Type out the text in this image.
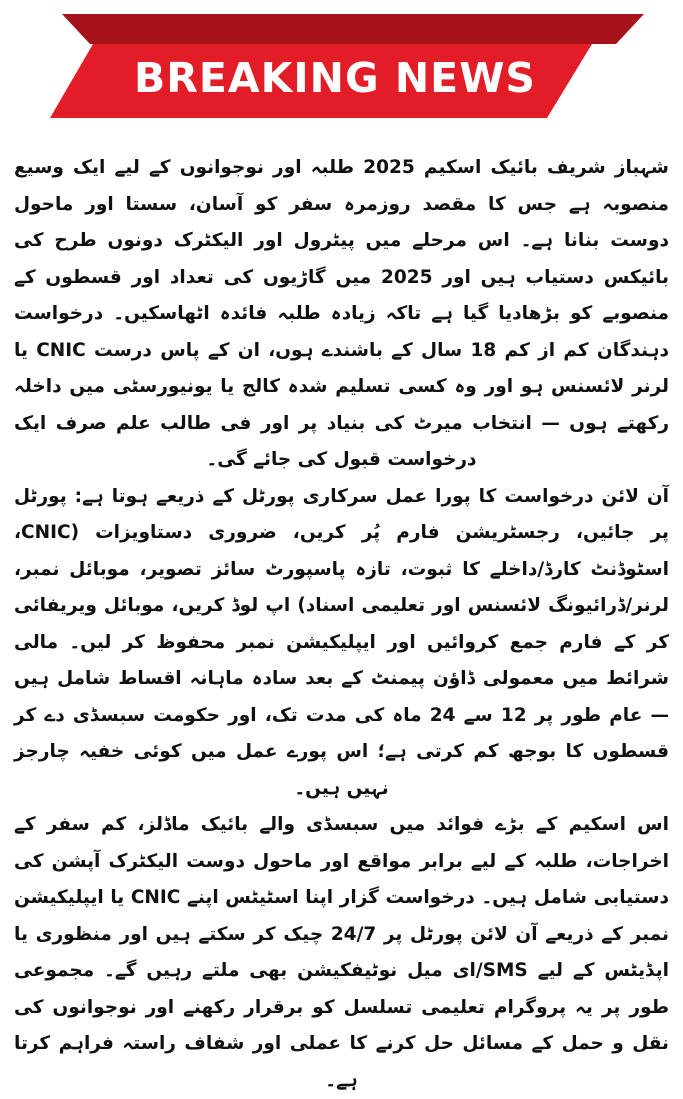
BREAKING NEWS

شہباز شریف بائیک اسکیم 2025 طلبہ اور نوجوانوں کے لیے ایک وسیع منصوبہ ہے جس کا مقصد روزمرہ سفر کو آسان، سستا اور ماحول دوست بنانا ہے۔ اس مرحلے میں پیٹرول اور الیکٹرک دونوں طرح کی بائیکس دستیاب ہیں اور 2025 میں گاڑیوں کی تعداد اور قسطوں کے منصوبے کو بڑھادیا گیا ہے تاکہ زیادہ طلبہ فائدہ اٹھاسکیں۔ درخواست دہندگان کم از کم 18 سال کے باشندے ہوں، ان کے پاس درست CNIC یا لرنر لائسنس ہو اور وہ کسی تسلیم شدہ کالج یا یونیورسٹی میں داخلہ رکھتے ہوں — انتخاب میرٹ کی بنیاد پر اور فی طالب علم صرف ایک درخواست قبول کی جائے گی۔

آن لائن درخواست کا پورا عمل سرکاری پورٹل کے ذریعے ہوتا ہے: پورٹل پر جائیں، رجسٹریشن فارم پُر کریں، ضروری دستاویزات (CNIC، اسٹوڈنٹ کارڈ/داخلے کا ثبوت، تازہ پاسپورٹ سائز تصویر، موبائل نمبر، لرنر/ڈرائیونگ لائسنس اور تعلیمی اسناد) اپ لوڈ کریں، موبائل ویریفائی کر کے فارم جمع کروائیں اور ایپلیکیشن نمبر محفوظ کر لیں۔ مالی شرائط میں معمولی ڈاؤن پیمنٹ کے بعد سادہ ماہانہ اقساط شامل ہیں — عام طور پر 12 سے 24 ماہ کی مدت تک، اور حکومت سبسڈی دے کر قسطوں کا بوجھ کم کرتی ہے؛ اس پورے عمل میں کوئی خفیہ چارجز نہیں ہیں۔

اس اسکیم کے بڑے فوائد میں سبسڈی والے بائیک ماڈلز، کم سفر کے اخراجات، طلبہ کے لیے برابر مواقع اور ماحول دوست الیکٹرک آپشن کی دستیابی شامل ہیں۔ درخواست گزار اپنا اسٹیٹس اپنے CNIC یا ایپلیکیشن نمبر کے ذریعے آن لائن پورٹل پر 24/7 چیک کر سکتے ہیں اور منظوری یا اپڈیٹس کے لیے SMS/ای میل نوٹیفکیشن بھی ملتے رہیں گے۔ مجموعی طور پر یہ پروگرام تعلیمی تسلسل کو برقرار رکھنے اور نوجوانوں کی نقل و حمل کے مسائل حل کرنے کا عملی اور شفاف راستہ فراہم کرتا ہے۔
